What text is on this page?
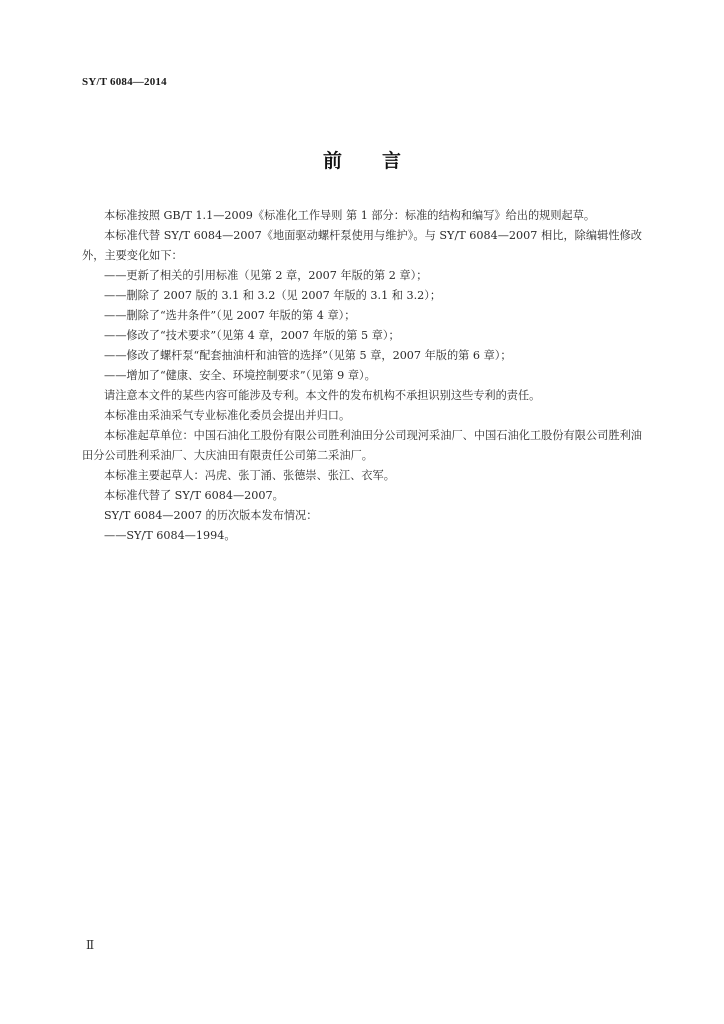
SY/T 6084—2014
前 言

本标准按照 GB/T 1.1—2009《标准化工作导则 第 1 部分：标准的结构和编写》给出的规则起草。

本标准代替 SY/T 6084—2007《地面驱动螺杆泵使用与维护》。与 SY/T 6084—2007 相比，除编辑性修改外，主要变化如下：

——更新了相关的引用标准（见第 2 章，2007 年版的第 2 章）；

——删除了 2007 版的 3.1 和 3.2（见 2007 年版的 3.1 和 3.2）；

——删除了“选井条件”（见 2007 年版的第 4 章）；

——修改了“技术要求”（见第 4 章，2007 年版的第 5 章）；

——修改了螺杆泵“配套抽油杆和油管的选择”（见第 5 章，2007 年版的第 6 章）；

——增加了“健康、安全、环境控制要求”（见第 9 章）。

请注意本文件的某些内容可能涉及专利。本文件的发布机构不承担识别这些专利的责任。

本标准由采油采气专业标准化委员会提出并归口。

本标准起草单位：中国石油化工股份有限公司胜利油田分公司现河采油厂、中国石油化工股份有限公司胜利油田分公司胜利采油厂、大庆油田有限责任公司第二采油厂。

本标准主要起草人：冯虎、张丁涌、张德崇、张江、衣军。

本标准代替了 SY/T 6084—2007。

SY/T 6084—2007 的历次版本发布情况：

——SY/T 6084—1994。

Ⅱ
